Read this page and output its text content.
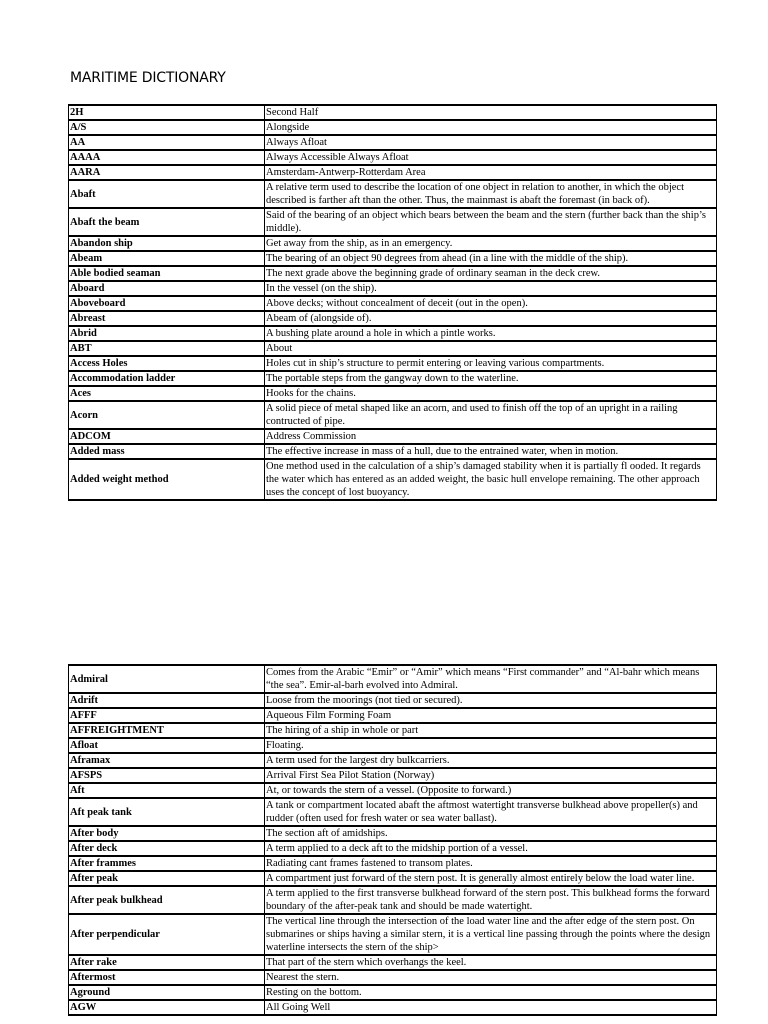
MARITIME DICTIONARY
2H	Second Half
A/S	Alongside
AA	Always Afloat
AAAA	Always Accessible Always Afloat
AARA	Amsterdam-Antwerp-Rotterdam Area
Abaft	A relative term used to describe the location of one object in relation to another, in which the object described is farther aft than the other. Thus, the mainmast is abaft the foremast (in back of).
Abaft the beam	Said of the bearing of an object which bears between the beam and the stern (further back than the ship’s middle).
Abandon ship	Get away from the ship, as in an emergency.
Abeam	The bearing of an object 90 degrees from ahead (in a line with the middle of the ship).
Able bodied seaman	The next grade above the beginning grade of ordinary seaman in the deck crew.
Aboard	In the vessel (on the ship).
Aboveboard	Above decks; without concealment of deceit (out in the open).
Abreast	Abeam of (alongside of).
Abrid	A bushing plate around a hole in which a pintle works.
ABT	About
Access Holes	Holes cut in ship’s structure to permit entering or leaving various compartments.
Accommodation ladder	The portable steps from the gangway down to the waterline.
Aces	Hooks for the chains.
Acorn	A solid piece of metal shaped like an acorn, and used to finish off the top of an upright in a railing contructed of pipe.
ADCOM	Address Commission
Added mass	The effective increase in mass of a hull, due to the entrained water, when in motion.
Added weight method	One method used in the calculation of a ship’s damaged stability when it is partially fl ooded. It regards the water which has entered as an added weight, the basic hull envelope remaining. The other approach uses the concept of lost buoyancy.
Admiral	Comes from the Arabic “Emir” or “Amir” which means “First commander” and “Al-bahr which means “the sea”. Emir-al-barh evolved into Admiral.
Adrift	Loose from the moorings (not tied or secured).
AFFF	Aqueous Film Forming Foam
AFFREIGHTMENT	The hiring of a ship in whole or part
Afloat	Floating.
Aframax	A term used for the largest dry bulkcarriers.
AFSPS	Arrival First Sea Pilot Station (Norway)
Aft	At, or towards the stern of a vessel. (Opposite to forward.)
Aft peak tank	A tank or compartment located abaft the aftmost watertight transverse bulkhead above propeller(s) and rudder (often used for fresh water or sea water ballast).
After body	The section aft of amidships.
After deck	A term applied to a deck aft to the midship portion of a vessel.
After frammes	Radiating cant frames fastened to transom plates.
After peak	A compartment just forward of the stern post. It is generally almost entirely below the load water line.
After peak bulkhead	A term applied to the first transverse bulkhead forward of the stern post. This bulkhead forms the forward boundary of the after-peak tank and should be made watertight.
After perpendicular	The vertical line through the intersection of the load water line and the after edge of the stern post. On submarines or ships having a similar stern, it is a vertical line passing through the points where the design waterline intersects the stern of the ship>
After rake	That part of the stern which overhangs the keel.
Aftermost	Nearest the stern.
Aground	Resting on the bottom.
AGW	All Going Well
